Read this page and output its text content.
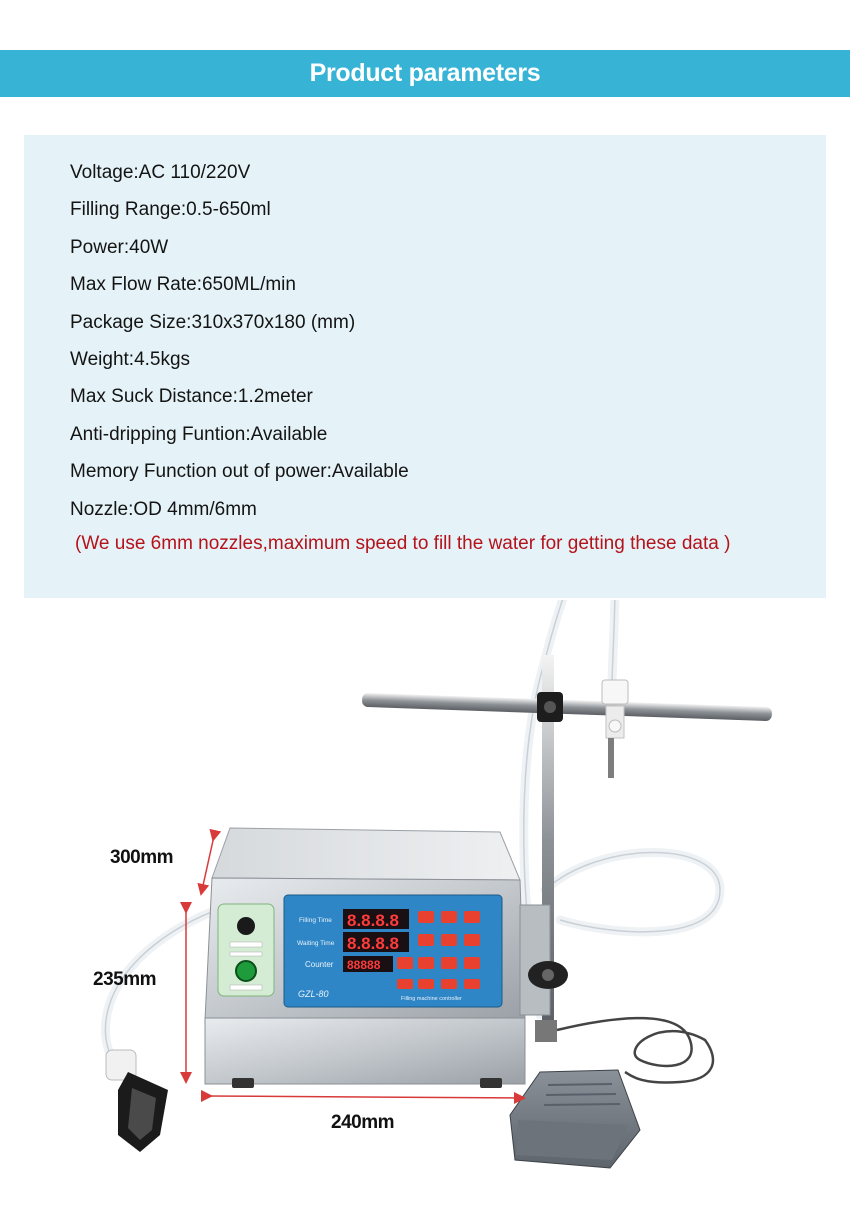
Product parameters
Voltage:AC 110/220V
Filling Range:0.5-650ml
Power:40W
Max Flow Rate:650ML/min
Package Size:310x370x180 (mm)
Weight:4.5kgs
Max Suck Distance:1.2meter
Anti-dripping Funtion:Available
Memory Function out of power:Available
Nozzle:OD 4mm/6mm
(We use 6mm nozzles,maximum speed to fill the water for getting these data )
Filling Time
Waiting Time
Counter
8.8.8.8
8.8.8.8
88888
GZL-80	Filling machine controller
300mm
235mm
240mm
